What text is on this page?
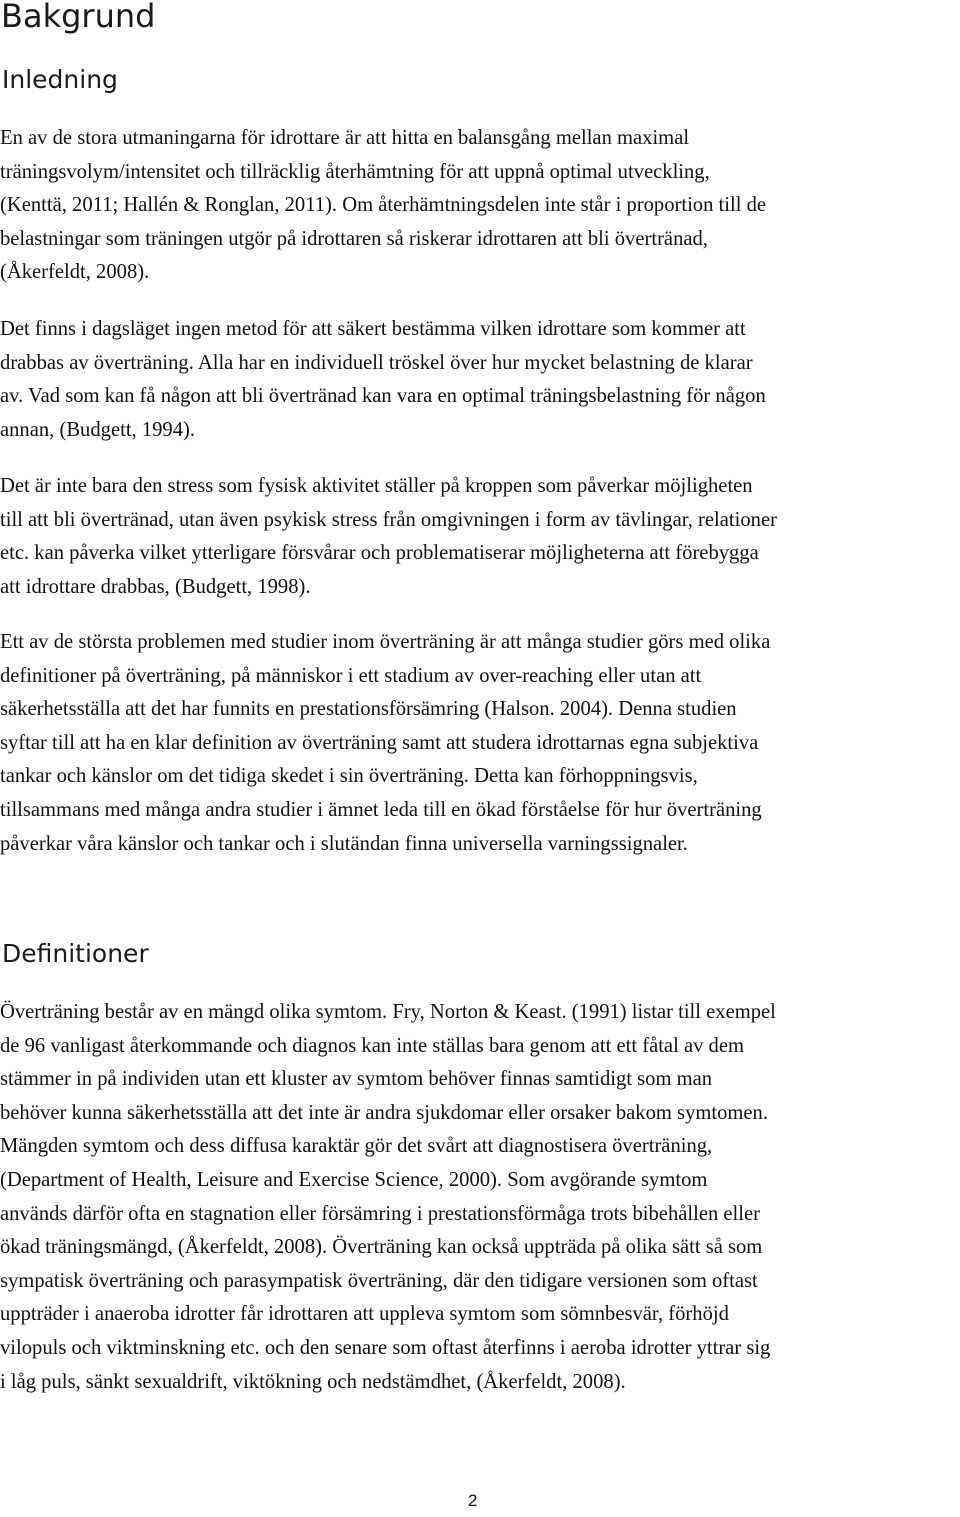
Bakgrund
Inledning

En av de stora utmaningarna för idrottare är att hitta en balansgång mellan maximal
träningsvolym/intensitet och tillräcklig återhämtning för att uppnå optimal utveckling,
(Kenttä, 2011; Hallén & Ronglan, 2011). Om återhämtningsdelen inte står i proportion till de
belastningar som träningen utgör på idrottaren så riskerar idrottaren att bli övertränad,
(Åkerfeldt, 2008).

Det finns i dagsläget ingen metod för att säkert bestämma vilken idrottare som kommer att
drabbas av överträning. Alla har en individuell tröskel över hur mycket belastning de klarar
av. Vad som kan få någon att bli övertränad kan vara en optimal träningsbelastning för någon
annan, (Budgett, 1994).

Det är inte bara den stress som fysisk aktivitet ställer på kroppen som påverkar möjligheten
till att bli övertränad, utan även psykisk stress från omgivningen i form av tävlingar, relationer
etc. kan påverka vilket ytterligare försvårar och problematiserar möjligheterna att förebygga
att idrottare drabbas, (Budgett, 1998).

Ett av de största problemen med studier inom överträning är att många studier görs med olika
definitioner på överträning, på människor i ett stadium av over-reaching eller utan att
säkerhetsställa att det har funnits en prestationsförsämring (Halson. 2004). Denna studien
syftar till att ha en klar definition av överträning samt att studera idrottarnas egna subjektiva
tankar och känslor om det tidiga skedet i sin överträning. Detta kan förhoppningsvis,
tillsammans med många andra studier i ämnet leda till en ökad förståelse för hur överträning
påverkar våra känslor och tankar och i slutändan finna universella varningssignaler.

Definitioner

Överträning består av en mängd olika symtom. Fry, Norton & Keast. (1991) listar till exempel
de 96 vanligast återkommande och diagnos kan inte ställas bara genom att ett fåtal av dem
stämmer in på individen utan ett kluster av symtom behöver finnas samtidigt som man
behöver kunna säkerhetsställa att det inte är andra sjukdomar eller orsaker bakom symtomen.
Mängden symtom och dess diffusa karaktär gör det svårt att diagnostisera överträning,
(Department of Health, Leisure and Exercise Science, 2000). Som avgörande symtom
används därför ofta en stagnation eller försämring i prestationsförmåga trots bibehållen eller
ökad träningsmängd, (Åkerfeldt, 2008). Överträning kan också uppträda på olika sätt så som
sympatisk överträning och parasympatisk överträning, där den tidigare versionen som oftast
uppträder i anaeroba idrotter får idrottaren att uppleva symtom som sömnbesvär, förhöjd
vilopuls och viktminskning etc. och den senare som oftast återfinns i aeroba idrotter yttrar sig
i låg puls, sänkt sexualdrift, viktökning och nedstämdhet, (Åkerfeldt, 2008).

2
